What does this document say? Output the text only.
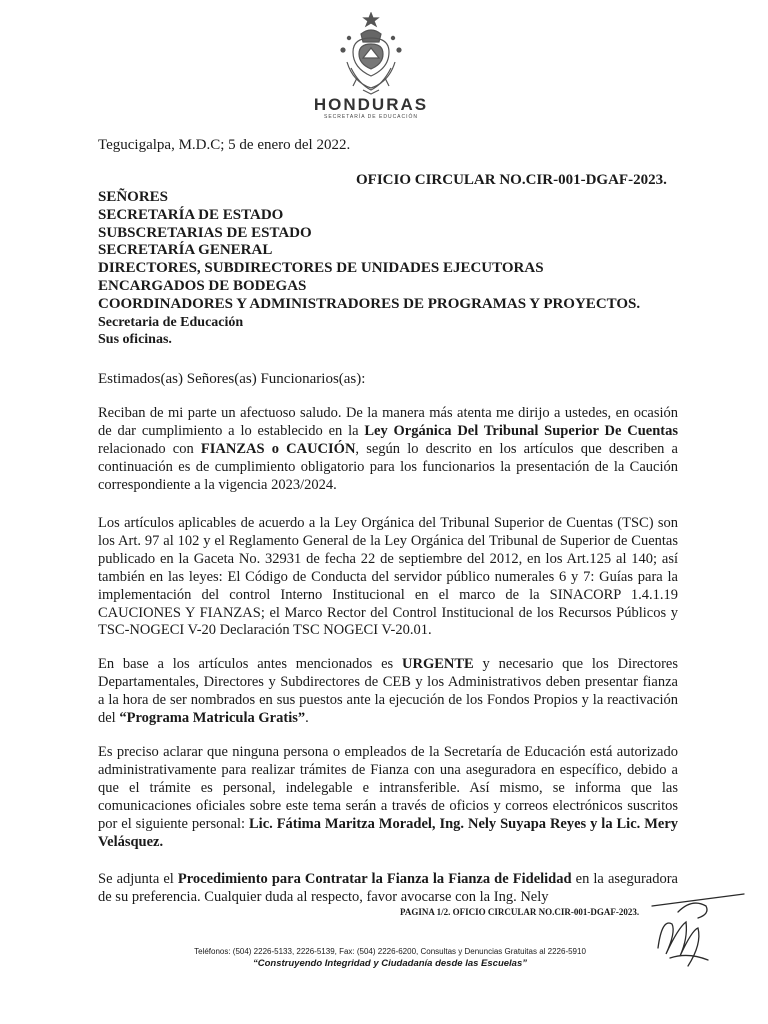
HONDURAS
SECRETARÍA DE EDUCACIÓN
Tegucigalpa, M.D.C; 5 de enero del 2022.
OFICIO CIRCULAR NO.CIR-001-DGAF-2023.
SEÑORES
SECRETARÍA DE ESTADO
SUBSCRETARIAS DE ESTADO
SECRETARÍA GENERAL
DIRECTORES, SUBDIRECTORES DE UNIDADES EJECUTORAS
ENCARGADOS DE BODEGAS
COORDINADORES Y ADMINISTRADORES DE PROGRAMAS Y PROYECTOS.
Secretaria de Educación
Sus oficinas.
Estimados(as) Señores(as) Funcionarios(as):
Reciban de mi parte un afectuoso saludo. De la manera más atenta me dirijo a ustedes, en ocasión de dar cumplimiento a lo establecido en la Ley Orgánica Del Tribunal Superior De Cuentas relacionado con FIANZAS o CAUCIÓN, según lo descrito en los artículos que describen a continuación es de cumplimiento obligatorio para los funcionarios la presentación de la Caución correspondiente a la vigencia 2023/2024.
Los artículos aplicables de acuerdo a la Ley Orgánica del Tribunal Superior de Cuentas (TSC) son los Art. 97 al 102 y el Reglamento General de la Ley Orgánica del Tribunal de Superior de Cuentas publicado en la Gaceta No. 32931 de fecha 22 de septiembre del 2012, en los Art.125 al 140; así también en las leyes: El Código de Conducta del servidor público numerales 6 y 7: Guías para la implementación del control Interno Institucional en el marco de la SINACORP 1.4.1.19 CAUCIONES Y FIANZAS; el Marco Rector del Control Institucional de los Recursos Públicos y TSC-NOGECI V-20 Declaración TSC NOGECI V-20.01.
En base a los artículos antes mencionados es URGENTE y necesario que los Directores Departamentales, Directores y Subdirectores de CEB y los Administrativos deben presentar fianza a la hora de ser nombrados en sus puestos ante la ejecución de los Fondos Propios y la reactivación del “Programa Matricula Gratis”.
Es preciso aclarar que ninguna persona o empleados de la Secretaría de Educación está autorizado administrativamente para realizar trámites de Fianza con una aseguradora en específico, debido a que el trámite es personal, indelegable e intransferible. Así mismo, se informa que las comunicaciones oficiales sobre este tema serán a través de oficios y correos electrónicos suscritos por el siguiente personal: Lic. Fátima Maritza Moradel, Ing. Nely Suyapa Reyes y la Lic. Mery Velásquez.
Se adjunta el Procedimiento para Contratar la Fianza la Fianza de Fidelidad en la aseguradora de su preferencia. Cualquier duda al respecto, favor avocarse con la Ing. Nely
PAGINA 1/2. OFICIO CIRCULAR NO.CIR-001-DGAF-2023.
Teléfonos: (504) 2226-5133, 2226-5139, Fax: (504) 2226-6200, Consultas y Denuncias Gratuitas al 2226-5910
“Construyendo Integridad y Ciudadanía desde las Escuelas”
